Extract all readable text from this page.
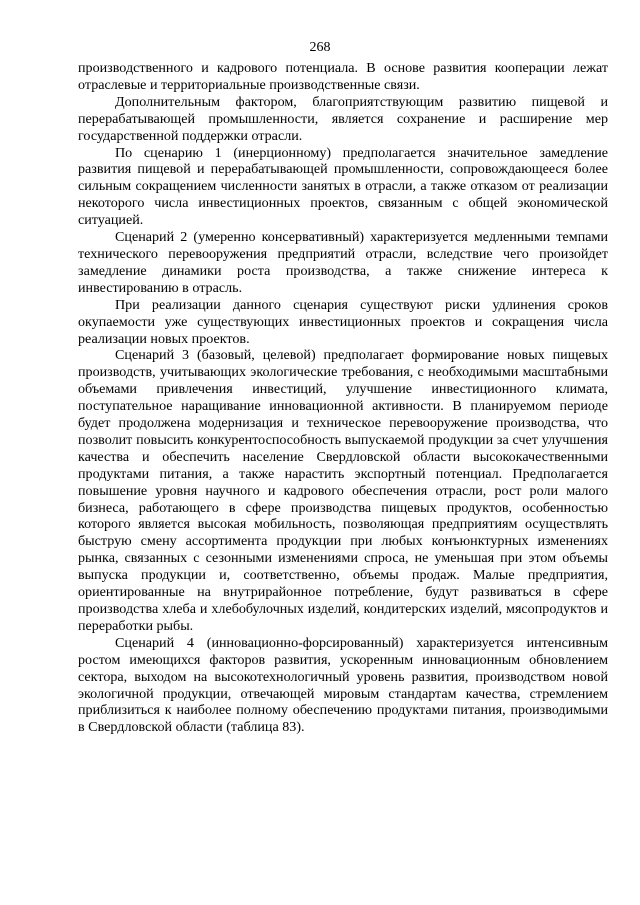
268

производственного и кадрового потенциала. В основе развития кооперации лежат отраслевые и территориальные производственные связи.

Дополнительным фактором, благоприятствующим развитию пищевой и перерабатывающей промышленности, является сохранение и расширение мер государственной поддержки отрасли.

По сценарию 1 (инерционному) предполагается значительное замедление развития пищевой и перерабатывающей промышленности, сопровождающееся более сильным сокращением численности занятых в отрасли, а также отказом от реализации некоторого числа инвестиционных проектов, связанным с общей экономической ситуацией.

Сценарий 2 (умеренно консервативный) характеризуется медленными темпами технического перевооружения предприятий отрасли, вследствие чего произойдет замедление динамики роста производства, а также снижение интереса к инвестированию в отрасль.

При реализации данного сценария существуют риски удлинения сроков окупаемости уже существующих инвестиционных проектов и сокращения числа реализации новых проектов.

Сценарий 3 (базовый, целевой) предполагает формирование новых пищевых производств, учитывающих экологические требования, с необходимыми масштабными объемами привлечения инвестиций, улучшение инвестиционного климата, поступательное наращивание инновационной активности. В планируемом периоде будет продолжена модернизация и техническое перевооружение производства, что позволит повысить конкурентоспособность выпускаемой продукции за счет улучшения качества и обеспечить население Свердловской области высококачественными продуктами питания, а также нарастить экспортный потенциал. Предполагается повышение уровня научного и кадрового обеспечения отрасли, рост роли малого бизнеса, работающего в сфере производства пищевых продуктов, особенностью которого является высокая мобильность, позволяющая предприятиям осуществлять быструю смену ассортимента продукции при любых конъюнктурных изменениях рынка, связанных с сезонными изменениями спроса, не уменьшая при этом объемы выпуска продукции и, соответственно, объемы продаж. Малые предприятия, ориентированные на внутрирайонное потребление, будут развиваться в сфере производства хлеба и хлебобулочных изделий, кондитерских изделий, мясопродуктов и переработки рыбы.

Сценарий 4 (инновационно-форсированный) характеризуется интенсивным ростом имеющихся факторов развития, ускоренным инновационным обновлением сектора, выходом на высокотехнологичный уровень развития, производством новой экологичной продукции, отвечающей мировым стандартам качества, стремлением приблизиться к наиболее полному обеспечению продуктами питания, производимыми в Свердловской области (таблица 83).
